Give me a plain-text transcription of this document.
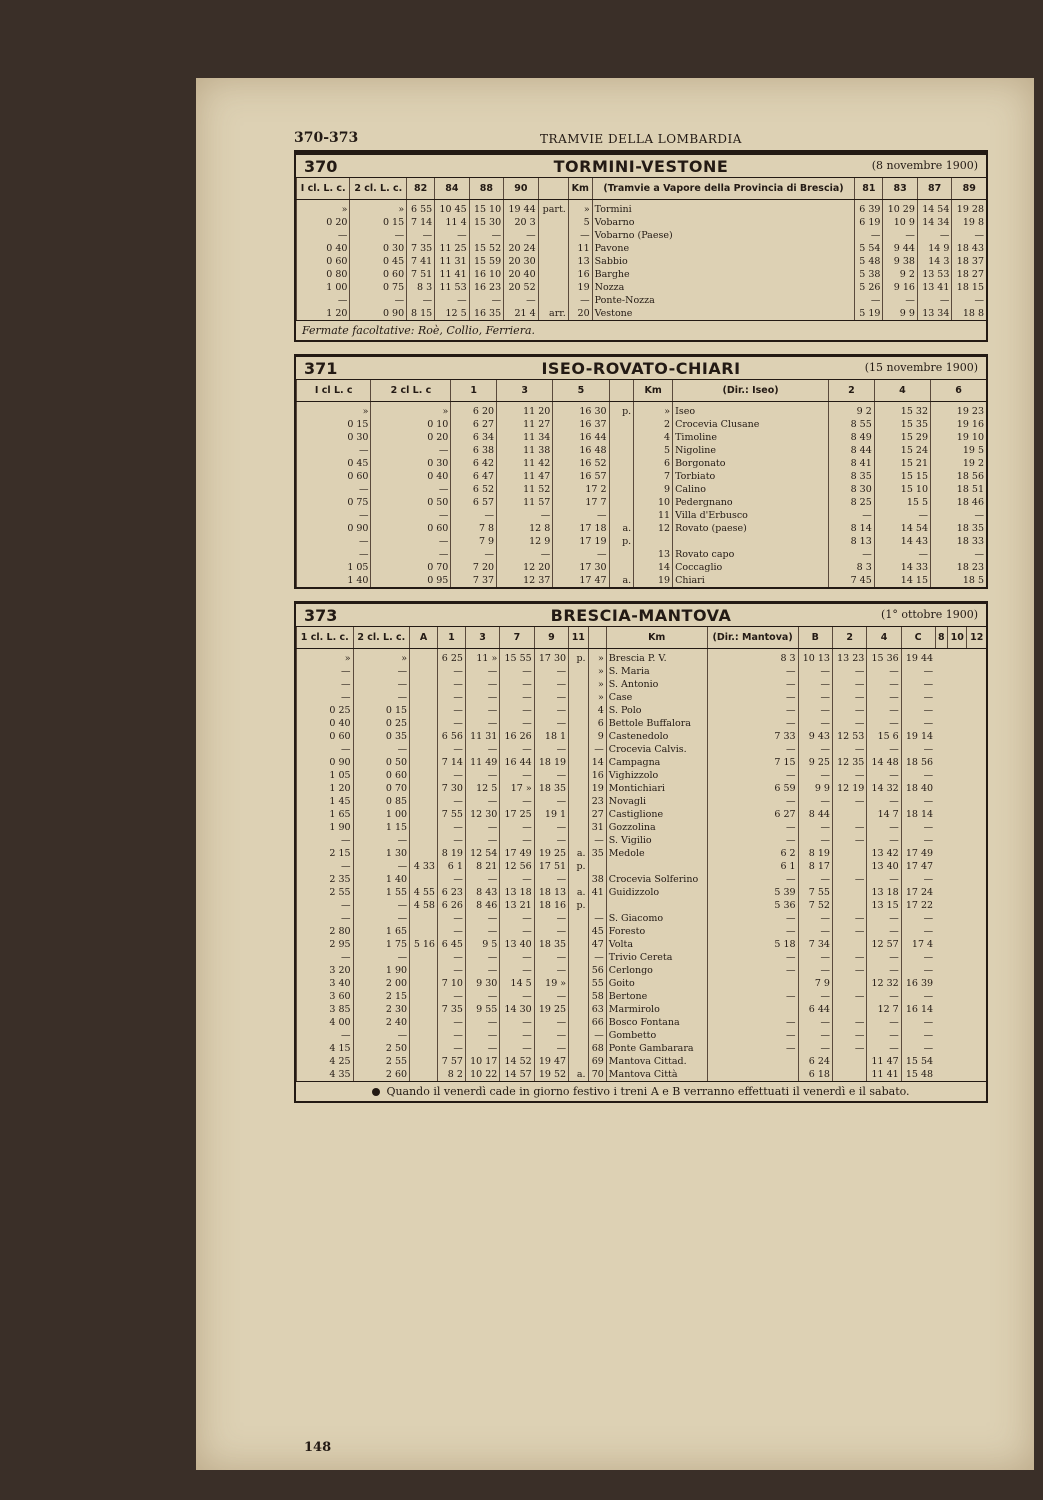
370-373	TRAMVIE DELLA LOMBARDIA
370	TORMINI-VESTONE	(8 novembre 1900)
I cl. L. c.	2 cl. L. c.	82	84	88	90		Km	(Tramvie a Vapore della Provincia di Brescia)	81	83	87	89
»	»	6 55	10 45	15 10	19 44	part.	»	Tormini	6 39	10 29	14 54	19 28
0 20	0 15	7 14	11 4	15 30	20 3		5	Vobarno	6 19	10 9	14 34	19 8
—	—	—	—	—	—		—	Vobarno (Paese)	—	—	—	—
0 40	0 30	7 35	11 25	15 52	20 24		11	Pavone	5 54	9 44	14 9	18 43
0 60	0 45	7 41	11 31	15 59	20 30		13	Sabbio	5 48	9 38	14 3	18 37
0 80	0 60	7 51	11 41	16 10	20 40		16	Barghe	5 38	9 2	13 53	18 27
1 00	0 75	8 3	11 53	16 23	20 52		19	Nozza	5 26	9 16	13 41	18 15
—	—	—	—	—	—		—	Ponte-Nozza	—	—	—	—
1 20	0 90	8 15	12 5	16 35	21 4	arr.	20	Vestone	5 19	9 9	13 34	18 8
Fermate facoltative: Roè, Collio, Ferriera.
371	ISEO-ROVATO-CHIARI	(15 novembre 1900)
I cl L. c	2 cl L. c	1	3	5		Km	(Dir.: Iseo)	2	4	6
»	»	6 20	11 20	16 30	p.	»	Iseo	9 2	15 32	19 23
0 15	0 10	6 27	11 27	16 37		2	Crocevia Clusane	8 55	15 35	19 16
0 30	0 20	6 34	11 34	16 44		4	Timoline	8 49	15 29	19 10
—	—	6 38	11 38	16 48		5	Nigoline	8 44	15 24	19 5
0 45	0 30	6 42	11 42	16 52		6	Borgonato	8 41	15 21	19 2
0 60	0 40	6 47	11 47	16 57		7	Torbiato	8 35	15 15	18 56
—	—	6 52	11 52	17 2		9	Calino	8 30	15 10	18 51
0 75	0 50	6 57	11 57	17 7		10	Pedergnano	8 25	15 5	18 46
—	—	—	—	—		11	Villa d'Erbusco	—	—	—
0 90	0 60	7 8	12 8	17 18	a.	12	Rovato (paese)	8 14	14 54	18 35
—	—	7 9	12 9	17 19	p.			8 13	14 43	18 33
—	—	—	—	—		13	Rovato capo	—	—	—
1 05	0 70	7 20	12 20	17 30		14	Coccaglio	8 3	14 33	18 23
1 40	0 95	7 37	12 37	17 47	a.	19	Chiari	7 45	14 15	18 5
373	BRESCIA-MANTOVA	(1° ottobre 1900)
1 cl. L. c.	2 cl. L. c.	A	1	3	7	9	11		Km	(Dir.: Mantova)	B	2	4	C	8	10	12
»	»		6 25	11 »	15 55	17 30	p.	»	Brescia P. V.	8 3	10 13	13 23	15 36	19 44			
—	—		—	—	—	—		»	S. Maria	—	—	—	—	—			
—	—		—	—	—	—		»	S. Antonio	—	—	—	—	—			
—	—		—	—	—	—		»	Case	—	—	—	—	—			
0 25	0 15		—	—	—	—		4	S. Polo	—	—	—	—	—			
0 40	0 25		—	—	—	—		6	Bettole Buffalora	—	—	—	—	—			
0 60	0 35		6 56	11 31	16 26	18 1		9	Castenedolo	7 33	9 43	12 53	15 6	19 14			
—	—		—	—	—	—		—	Crocevia Calvis.	—	—	—	—	—			
0 90	0 50		7 14	11 49	16 44	18 19		14	Campagna	7 15	9 25	12 35	14 48	18 56			
1 05	0 60		—	—	—	—		16	Vighizzolo	—	—	—	—	—			
1 20	0 70		7 30	12 5	17 »	18 35		19	Montichiari	6 59	9 9	12 19	14 32	18 40			
1 45	0 85		—	—	—	—		23	Novagli	—	—	—	—	—			
1 65	1 00		7 55	12 30	17 25	19 1		27	Castiglione	6 27	8 44		14 7	18 14			
1 90	1 15		—	—	—	—		31	Gozzolina	—	—	—	—	—			
—	—		—	—	—	—		—	S. Vigilio	—	—	—	—	—			
2 15	1 30		8 19	12 54	17 49	19 25	a.	35	Medole	6 2	8 19		13 42	17 49			
—	—	4 33	6 1	8 21	12 56	17 51	p.			6 1	8 17		13 40	17 47			
2 35	1 40		—	—	—	—		38	Crocevia Solferino	—	—	—	—	—			
2 55	1 55	4 55	6 23	8 43	13 18	18 13	a.	41	Guidizzolo	5 39	7 55		13 18	17 24			
—	—	4 58	6 26	8 46	13 21	18 16	p.			5 36	7 52		13 15	17 22			
—	—		—	—	—	—		—	S. Giacomo	—	—	—	—	—			
2 80	1 65		—	—	—	—		45	Foresto	—	—	—	—	—			
2 95	1 75	5 16	6 45	9 5	13 40	18 35		47	Volta	5 18	7 34		12 57	17 4			
—	—		—	—	—	—		—	Trivio Cereta	—	—	—	—	—			
3 20	1 90		—	—	—	—		56	Cerlongo	—	—	—	—	—			
3 40	2 00		7 10	9 30	14 5	19 »		55	Goito		7 9		12 32	16 39			
3 60	2 15		—	—	—	—		58	Bertone	—	—	—	—	—			
3 85	2 30		7 35	9 55	14 30	19 25		63	Marmirolo		6 44		12 7	16 14			
4 00	2 40		—	—	—	—		66	Bosco Fontana	—	—	—	—	—			
—	—		—	—	—	—		—	Gombetto	—	—	—	—	—			
4 15	2 50		—	—	—	—		68	Ponte Gambarara	—	—	—	—	—			
4 25	2 55		7 57	10 17	14 52	19 47		69	Mantova Cittad.		6 24		11 47	15 54			
4 35	2 60		8 2	10 22	14 57	19 52	a.	70	Mantova Città		6 18		11 41	15 48			
Quando il venerdì cade in giorno festivo i treni A e B verranno effettuati il venerdì e il sabato.
148
